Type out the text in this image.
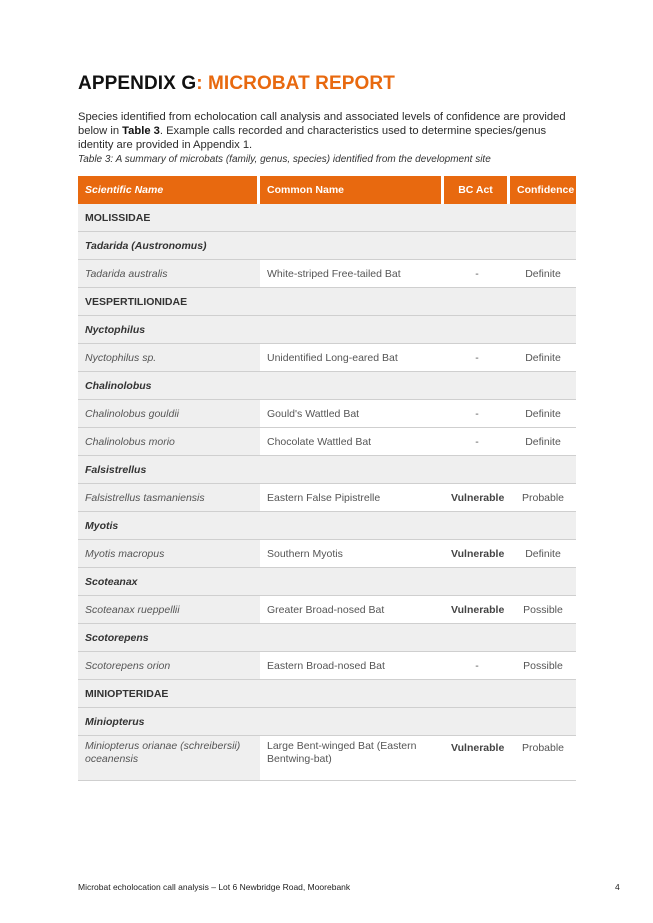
APPENDIX G: MICROBAT REPORT

Species identified from echolocation call analysis and associated levels of confidence are provided below in Table 3. Example calls recorded and characteristics used to determine species/genus identity are provided in Appendix 1.

Table 3: A summary of microbats (family, genus, species) identified from the development site

Scientific Name	Common Name	BC Act	Confidence
MOLISSIDAE			
Tadarida (Austronomus)			
Tadarida australis	White-striped Free-tailed Bat	-	Definite
VESPERTILIONIDAE			
Nyctophilus			
Nyctophilus sp.	Unidentified Long-eared Bat	-	Definite
Chalinolobus			
Chalinolobus gouldii	Gould's Wattled Bat	-	Definite
Chalinolobus morio	Chocolate Wattled Bat	-	Definite
Falsistrellus			
Falsistrellus tasmaniensis	Eastern False Pipistrelle	Vulnerable	Probable
Myotis			
Myotis macropus	Southern Myotis	Vulnerable	Definite
Scoteanax			
Scoteanax rueppellii	Greater Broad-nosed Bat	Vulnerable	Possible
Scotorepens			
Scotorepens orion	Eastern Broad-nosed Bat	-	Possible
MINIOPTERIDAE			
Miniopterus			
Miniopterus orianae (schreibersii) oceanensis	Large Bent-winged Bat (Eastern Bentwing-bat)	Vulnerable	Probable
Microbat echolocation call analysis – Lot 6 Newbridge Road, Moorebank	4
